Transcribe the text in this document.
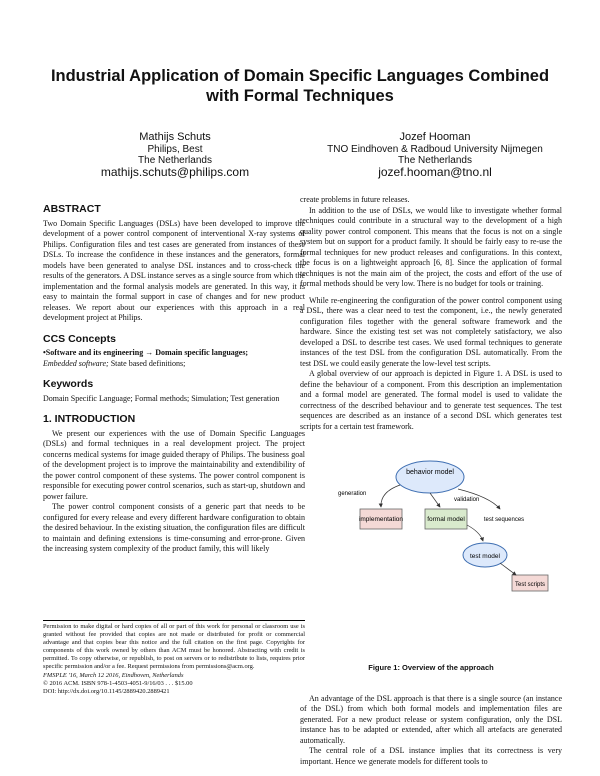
Industrial Application of Domain Specific Languages Combined with Formal Techniques
Mathijs Schuts
Philips, Best
The Netherlands
mathijs.schuts@philips.com
Jozef Hooman
TNO Eindhoven & Radboud University Nijmegen
The Netherlands
jozef.hooman@tno.nl
ABSTRACT

Two Domain Specific Languages (DSLs) have been developed to improve the development of a power control component of interventional X-ray systems of Philips. Configuration files and test cases are generated from instances of these DSLs. To increase the confidence in these instances and the generators, formal models have been generated to analyse DSL instances and to cross-check the results of the generators. A DSL instance serves as a single source from which the implementation and the formal analysis models are generated. In this way, it is easy to maintain the formal support in case of changes and for new product releases. We report about our experiences with this approach in a real development project at Philips.

CCS Concepts

•Software and its engineering → Domain specific languages;
Embedded software; State based definitions;

Keywords

Domain Specific Language; Formal methods; Simulation; Test generation

1. INTRODUCTION

We present our experiences with the use of Domain Specific Languages (DSLs) and formal techniques in a real development project. The project concerns medical systems for image guided therapy of Philips. The business goal of the development project is to improve the maintainability and extendibility of the power control component of these systems. The power control component is responsible for executing power control scenarios, such as start-up, shutdown and power failure.

The power control component consists of a generic part that needs to be configured for every release and every different hardware configuration to obtain the desired behaviour. In the existing situation, the configuration files are difficult to maintain and defining extensions is time-consuming and error-prone. Given the increasing system complexity of the product family, this will likely

Permission to make digital or hard copies of all or part of this work for personal or classroom use is granted without fee provided that copies are not made or distributed for profit or commercial advantage and that copies bear this notice and the full citation on the first page. Copyrights for components of this work owned by others than ACM must be honored. Abstracting with credit is permitted. To copy otherwise, or republish, to post on servers or to redistribute to lists, requires prior specific permission and/or a fee. Request permissions from permissions@acm.org.

FMSPLE '16, March 12 2016, Eindhoven, Netherlands

© 2016 ACM. ISBN 978-1-4503-4051-9/16/03 . . . $15.00

DOI: http://dx.doi.org/10.1145/2889420.2889421

create problems in future releases.

In addition to the use of DSLs, we would like to investigate whether formal techniques could contribute in a structural way to the development of a high quality power control component. This means that the focus is not on a single system but on support for a product family. It should be fairly easy to re-use the formal techniques for new product releases and configurations. In this context, the focus is on a lightweight approach [6, 8]. Since the application of formal techniques is not the main aim of the project, the costs and effort of the use of formal methods should be very low. There is no budget for tools or training.

While re-engineering the configuration of the power control component using a DSL, there was a clear need to test the component, i.e., the newly generated configuration files together with the general software framework and the hardware. Since the existing test set was not completely satisfactory, we also developed a DSL to describe test cases. We used formal techniques to generate instances of the test DSL from the configuration DSL automatically. From the test DSL we could easily generate the low-level test scripts.

A global overview of our approach is depicted in Figure 1. A DSL is used to define the behaviour of a component. From this description an implementation and a formal model are generated. The formal model is used to validate the correctness of the described behaviour and to generate test sequences. The test sequences are described as an instance of a second DSL which generates test scripts for a certain test framework.

behavior model
implementation	formal model	test sequences
test model
Test scripts
generation
validation

Figure 1: Overview of the approach

An advantage of the DSL approach is that there is a single source (an instance of the DSL) from which both formal models and implementation files are generated. For a new product release or system configuration, only the DSL instance has to be adapted or extended, after which all artefacts are generated automatically.

The central role of a DSL instance implies that its correctness is very important. Hence we generate models for different tools to
